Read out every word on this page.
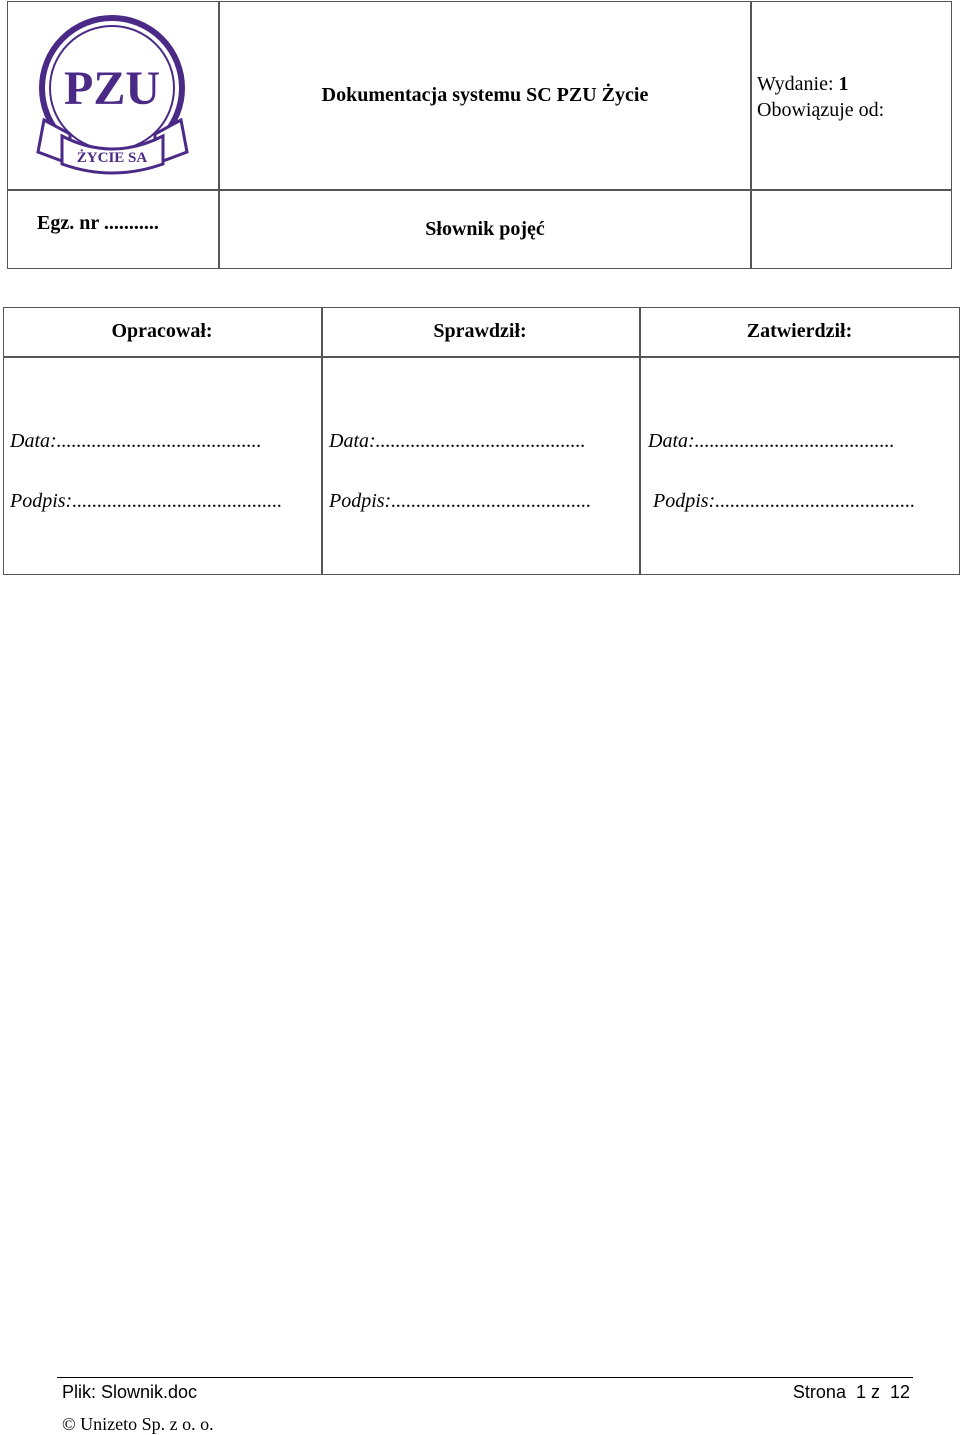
PZU
ŻYCIE SA
Dokumentacja systemu SC PZU Życie	Wydanie: 1
Obowiązuje od:
Egz. nr ...........	Słownik pojęć
Opracował:	Sprawdził:	Zatwierdził:
Data:.........................................
Podpis:..........................................
Data:..........................................
Podpis:........................................
Data:........................................
Podpis:........................................
Plik: Slownik.doc	Strona  1 z  12
© Unizeto Sp. z o. o.
